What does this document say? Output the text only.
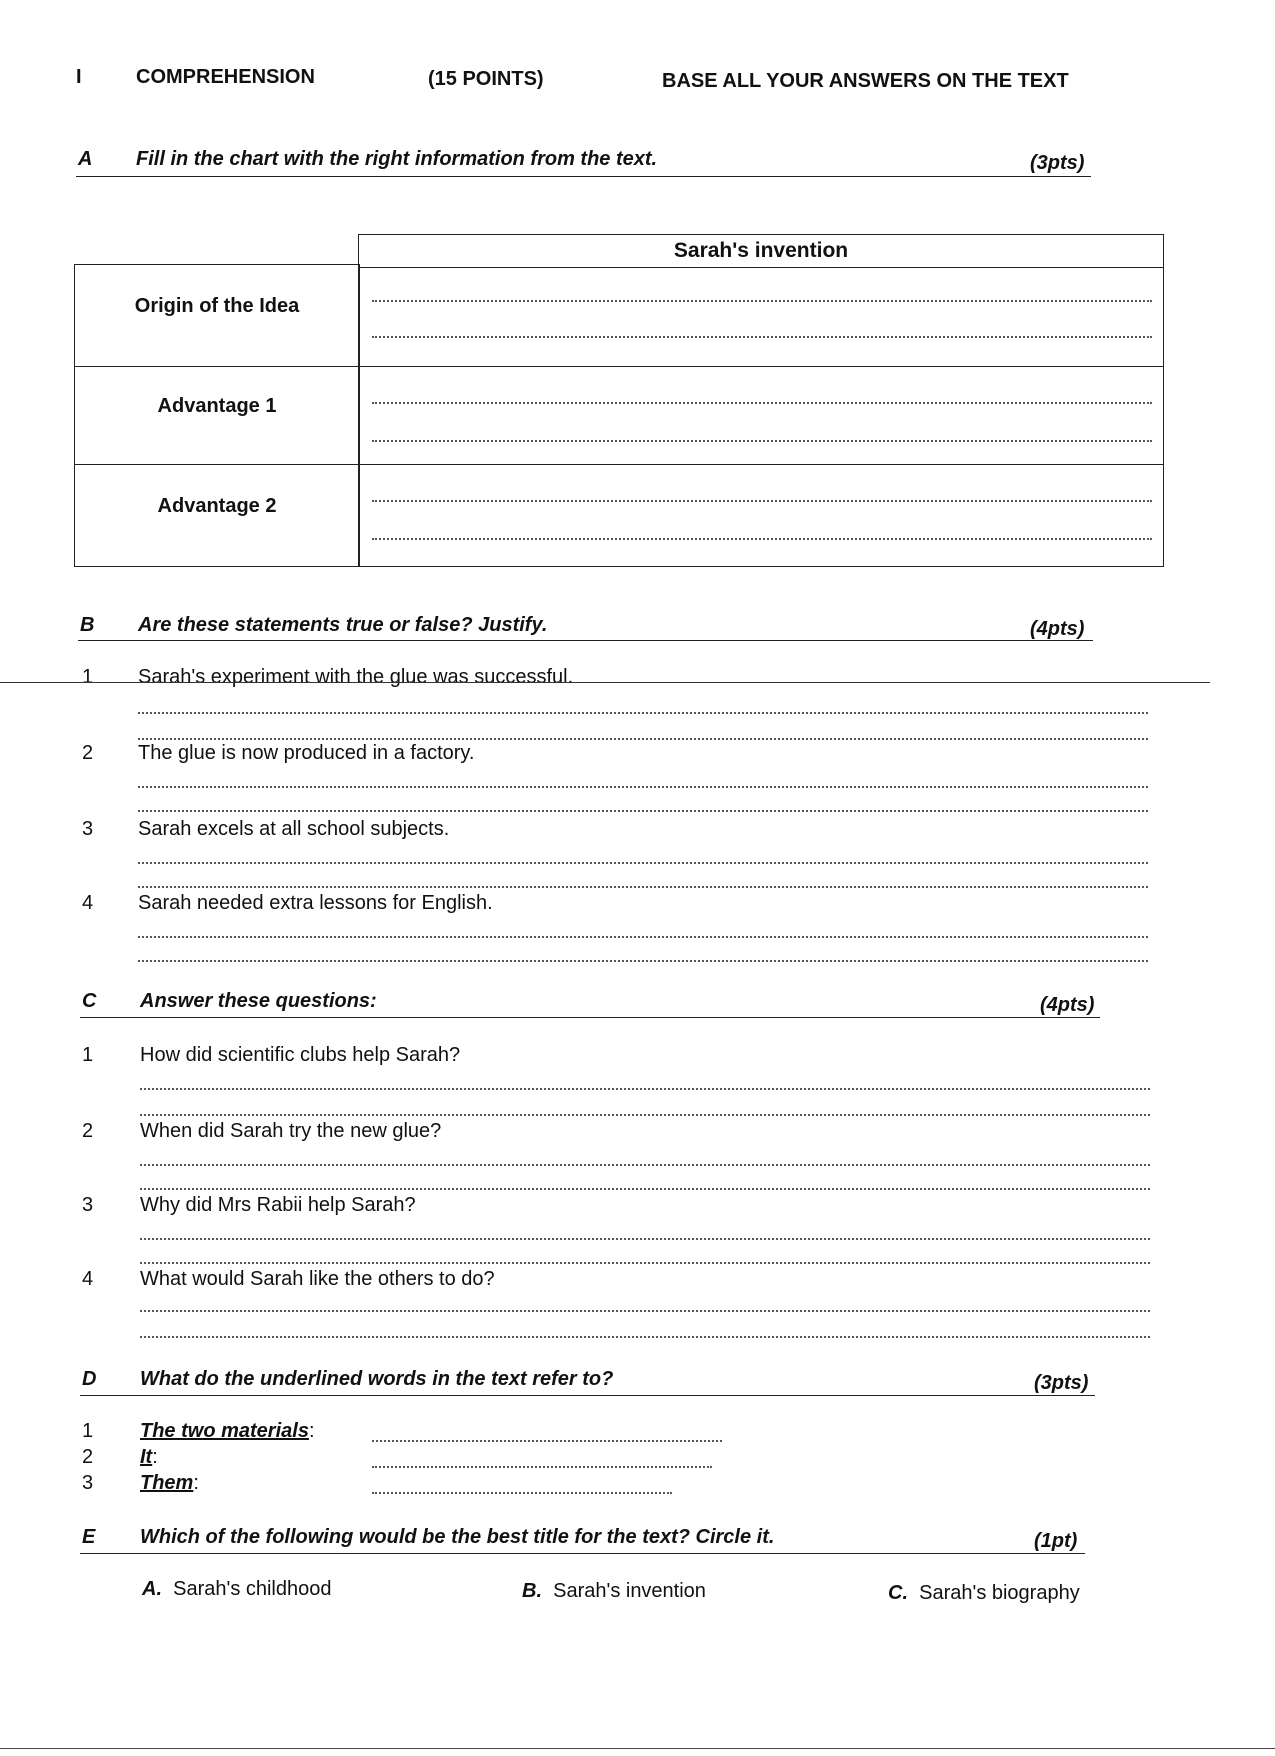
I	COMPREHENSION	(15 POINTS)	BASE ALL YOUR ANSWERS ON THE TEXT
A Fill in the chart with the right information from the text.	(3pts)
Sarah's invention
Origin of the Idea
Advantage 1
Advantage 2
B Are these statements true or false? Justify.	(4pts)
1 Sarah's experiment with the glue was successful.
2 The glue is now produced in a factory.
3 Sarah excels at all school subjects.
4 Sarah needed extra lessons for English.
C Answer these questions:	(4pts)
1 How did scientific clubs help Sarah?
2 When did Sarah try the new glue?
3 Why did Mrs Rabii help Sarah?
4 What would Sarah like the others to do?
D What do the underlined words in the text refer to?	(3pts)
1 The two materials:
2 It:
3 Them:
E Which of the following would be the best title for the text? Circle it.	(1pt)
A. Sarah's childhood	B. Sarah's invention	C. Sarah's biography
